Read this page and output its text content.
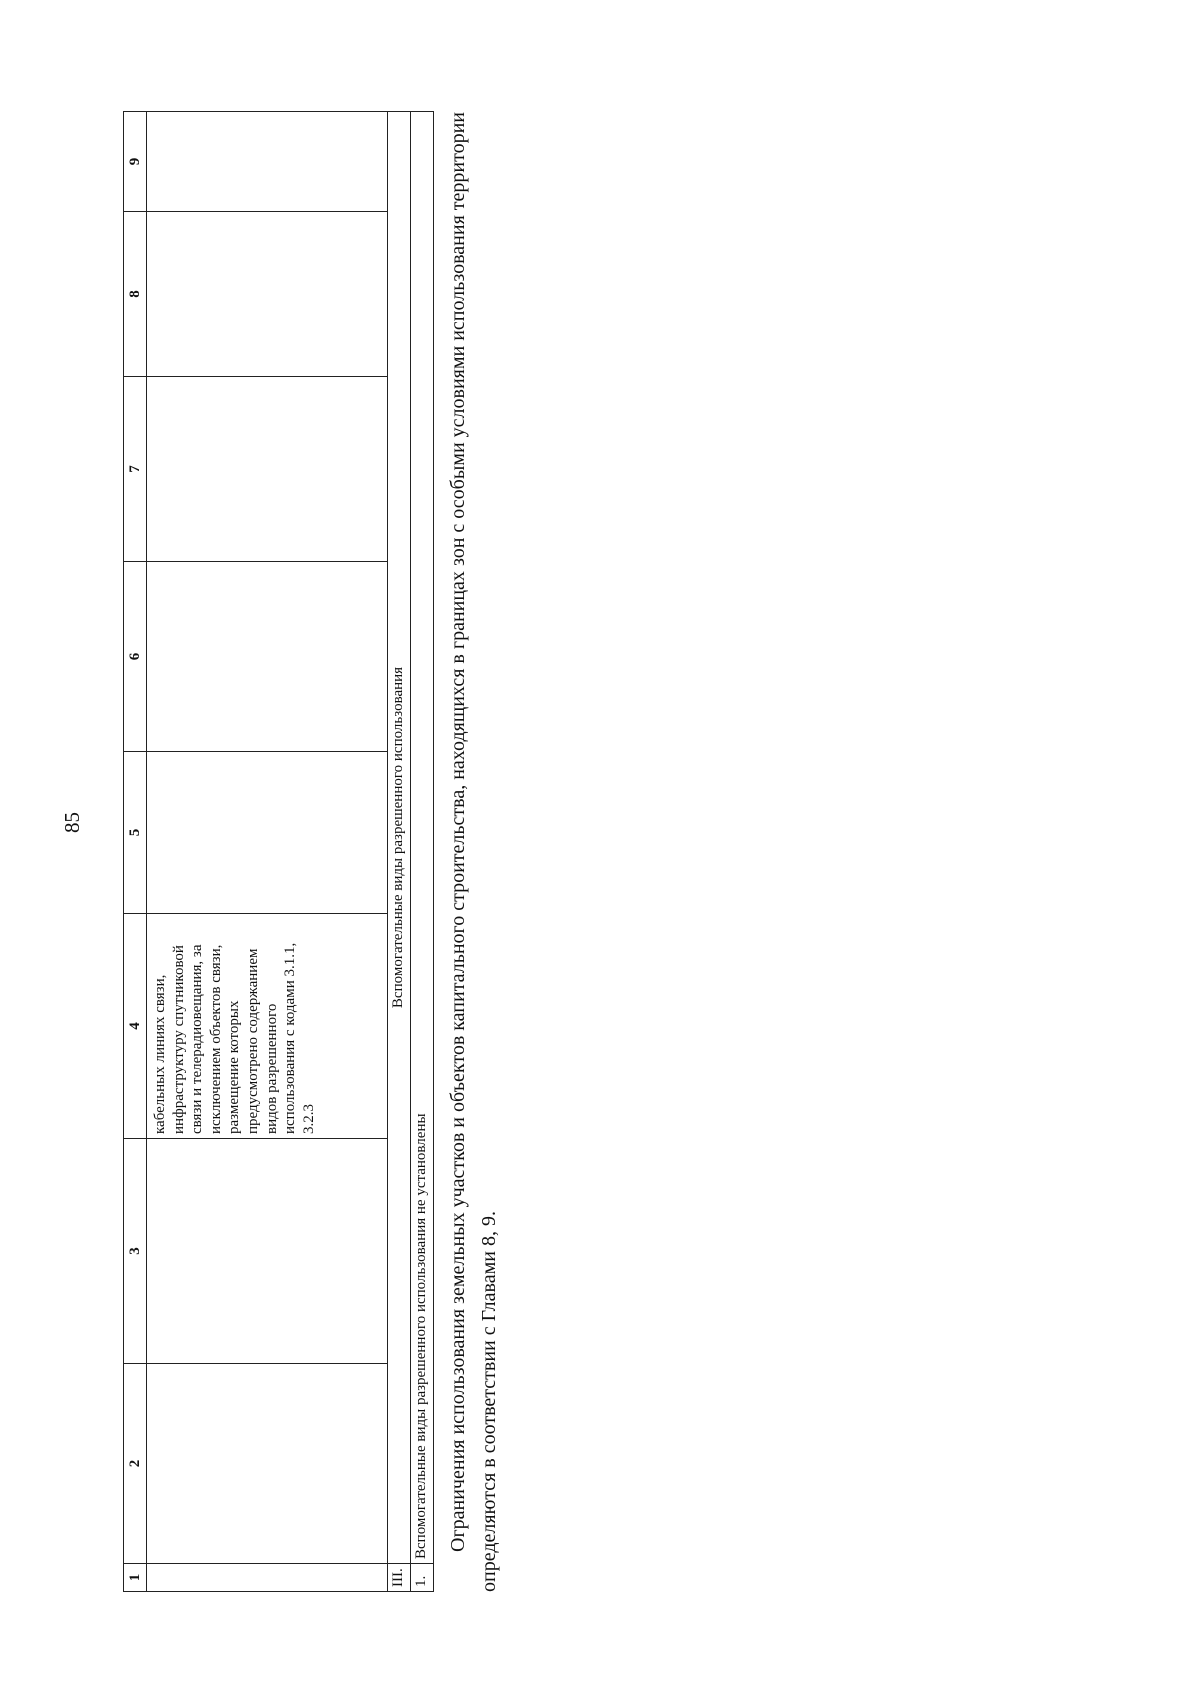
85
1	2	3	4	5	6	7	8	9
			кабельных линиях связи, инфраструктуру спутниковой связи и телерадиовещания, за исключением объектов связи, размещение которых предусмотрено содержанием видов разрешенного использования с кодами 3.1.1, 3.2.3					
III.	Вспомогательные виды разрешенного использования							
1.	Вспомогательные виды разрешенного использования не установлены							Ограничения использования земельных участков и объектов капитального строительства, находящихся в границах зон с особыми условиями использования территории определяются в соответствии с Главами 8, 9.
